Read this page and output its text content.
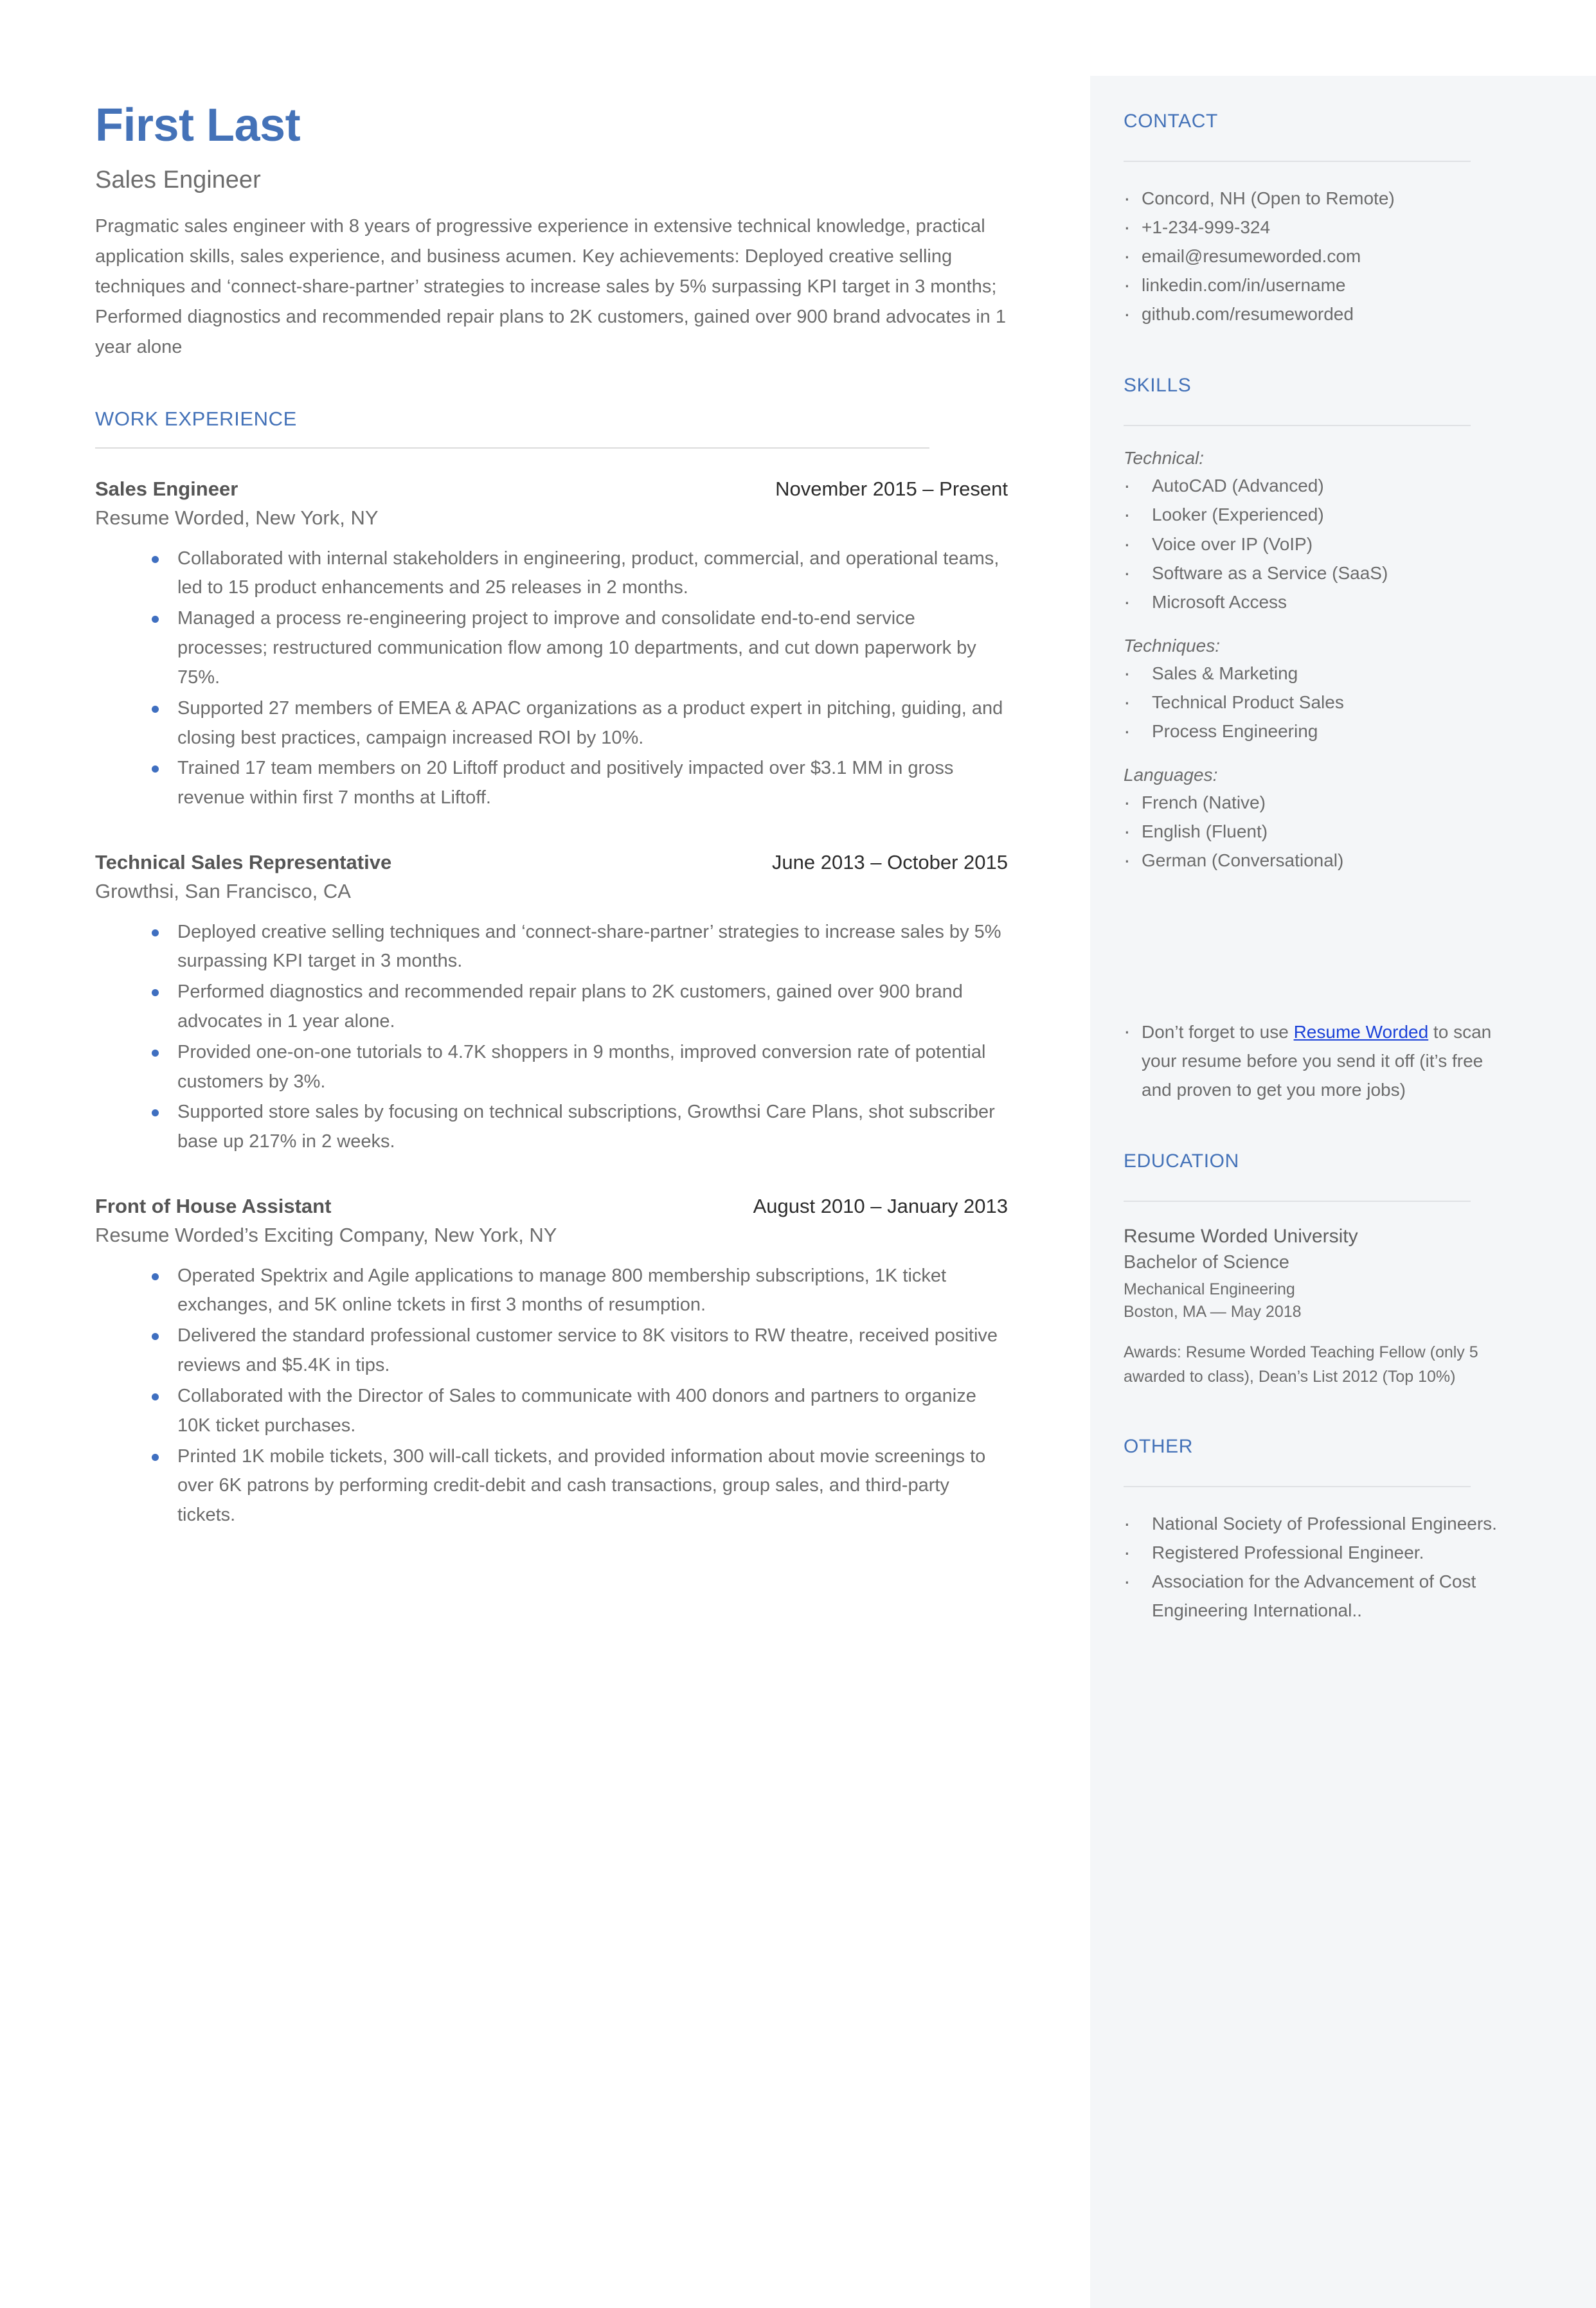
First Last
Sales Engineer

Pragmatic sales engineer with 8 years of progressive experience in extensive technical knowledge, practical application skills, sales experience, and business acumen. Key achievements: Deployed creative selling techniques and ‘connect-share-partner’ strategies to increase sales by 5% surpassing KPI target in 3 months; Performed diagnostics and recommended repair plans to 2K customers, gained over 900 brand advocates in 1 year alone

WORK EXPERIENCE
Sales Engineer	November 2015 – Present
Resume Worded, New York, NY
Collaborated with internal stakeholders in engineering, product, commercial, and operational teams, led to 15 product enhancements and 25 releases in 2 months.
Managed a process re-engineering project to improve and consolidate end-to-end service processes; restructured communication flow among 10 departments, and cut down paperwork by 75%.
Supported 27 members of EMEA & APAC organizations as a product expert in pitching, guiding, and closing best practices, campaign increased ROI by 10%.
Trained 17 team members on 20 Liftoff product and positively impacted over $3.1 MM in gross revenue within first 7 months at Liftoff.
Technical Sales Representative	June 2013 – October 2015
Growthsi, San Francisco, CA
Deployed creative selling techniques and ‘connect-share-partner’ strategies to increase sales by 5% surpassing KPI target in 3 months.
Performed diagnostics and recommended repair plans to 2K customers, gained over 900 brand advocates in 1 year alone.
Provided one-on-one tutorials to 4.7K shoppers in 9 months, improved conversion rate of potential customers by 3%.
Supported store sales by focusing on technical subscriptions, Growthsi Care Plans, shot subscriber base up 217% in 2 weeks.
Front of House Assistant	August 2010 – January 2013
Resume Worded’s Exciting Company, New York, NY
Operated Spektrix and Agile applications to manage 800 membership subscriptions, 1K ticket exchanges, and 5K online tckets in first 3 months of resumption.
Delivered the standard professional customer service to 8K visitors to RW theatre, received positive reviews and $5.4K in tips.
Collaborated with the Director of Sales to communicate with 400 donors and partners to organize 10K ticket purchases.
Printed 1K mobile tickets, 300 will-call tickets, and provided information about movie screenings to over 6K patrons by performing credit-debit and cash transactions, group sales, and third-party tickets.
CONTACT
· Concord, NH (Open to Remote)
· +1-234-999-324
· email@resumeworded.com
· linkedin.com/in/username
· github.com/resumeworded
SKILLS
Technical:
· AutoCAD (Advanced)
· Looker (Experienced)
· Voice over IP (VoIP)
· Software as a Service (SaaS)
· Microsoft Access
Techniques:
· Sales & Marketing
· Technical Product Sales
· Process Engineering
Languages:
· French (Native)
· English (Fluent)
· German (Conversational)
· Don’t forget to use Resume Worded to scan your resume before you send it off (it’s free and proven to get you more jobs)
EDUCATION
Resume Worded University
Bachelor of Science
Mechanical Engineering
Boston, MA — May 2018
Awards: Resume Worded Teaching Fellow (only 5 awarded to class), Dean’s List 2012 (Top 10%)
OTHER
· National Society of Professional Engineers.
· Registered Professional Engineer.
· Association for the Advancement of Cost Engineering International..
